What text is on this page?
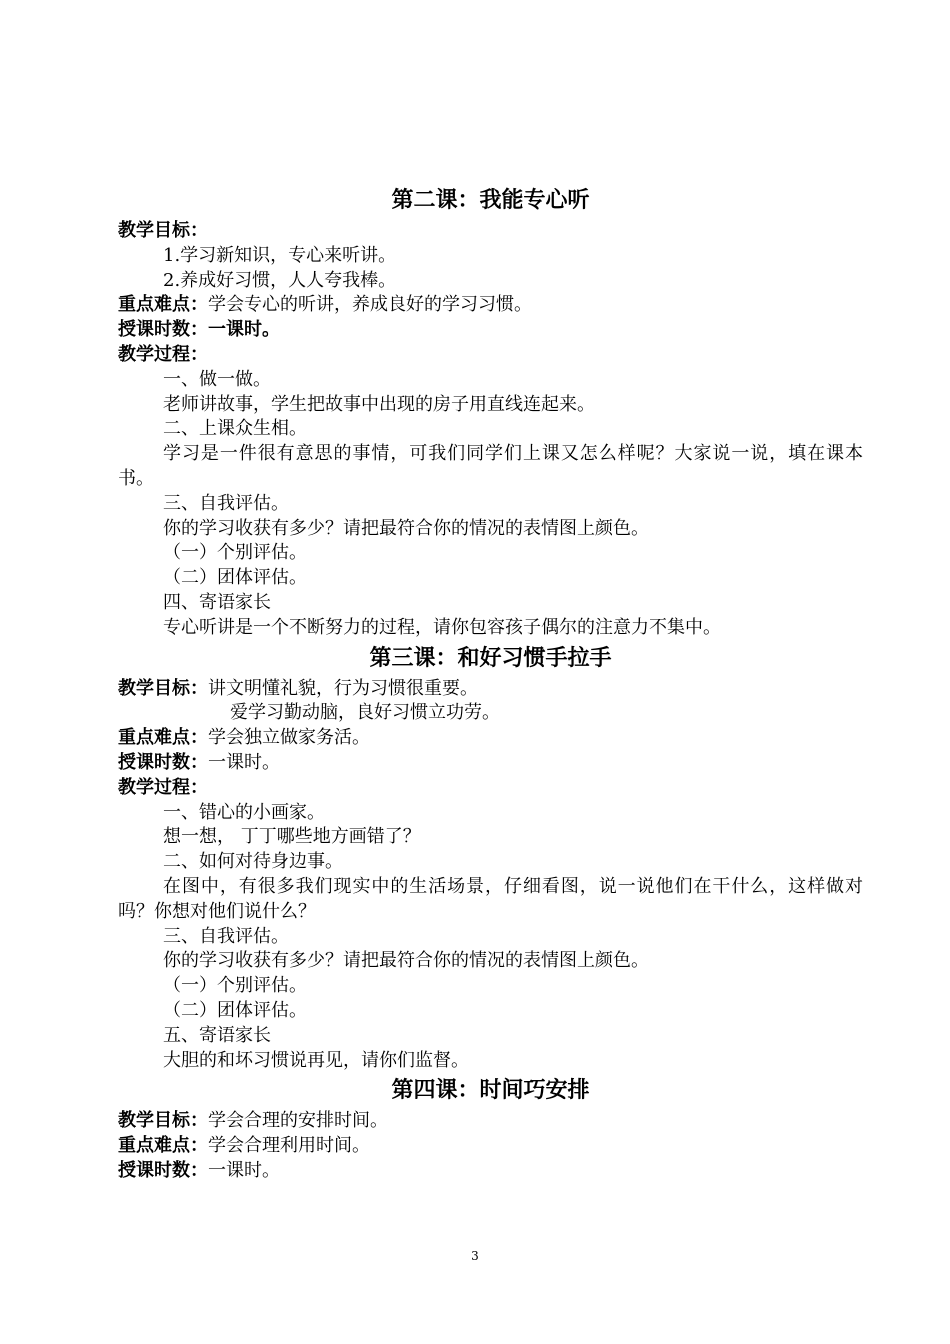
第二课：我能专心听

教学目标：

1.学习新知识，专心来听讲。

2.养成好习惯，人人夸我棒。

重点难点：学会专心的听讲，养成良好的学习习惯。

授课时数：一课时。

教学过程：

一、做一做。

老师讲故事，学生把故事中出现的房子用直线连起来。

二、上课众生相。

学习是一件很有意思的事情，可我们同学们上课又怎么样呢？大家说一说，填在课本书。

三、自我评估。

你的学习收获有多少？请把最符合你的情况的表情图上颜色。

（一）个别评估。

（二）团体评估。

四、寄语家长

专心听讲是一个不断努力的过程，请你包容孩子偶尔的注意力不集中。

第三课：和好习惯手拉手

教学目标：讲文明懂礼貌，行为习惯很重要。

爱学习勤动脑，良好习惯立功劳。

重点难点：学会独立做家务活。

授课时数：一课时。

教学过程：

一、错心的小画家。

想一想， 丁丁哪些地方画错了？

二、如何对待身边事。

在图中，有很多我们现实中的生活场景，仔细看图，说一说他们在干什么，这样做对吗？你想对他们说什么？

三、自我评估。

你的学习收获有多少？请把最符合你的情况的表情图上颜色。

（一）个别评估。

（二）团体评估。

五、寄语家长

大胆的和坏习惯说再见，请你们监督。

第四课：时间巧安排

教学目标：学会合理的安排时间。

重点难点：学会合理利用时间。

授课时数：一课时。

3
